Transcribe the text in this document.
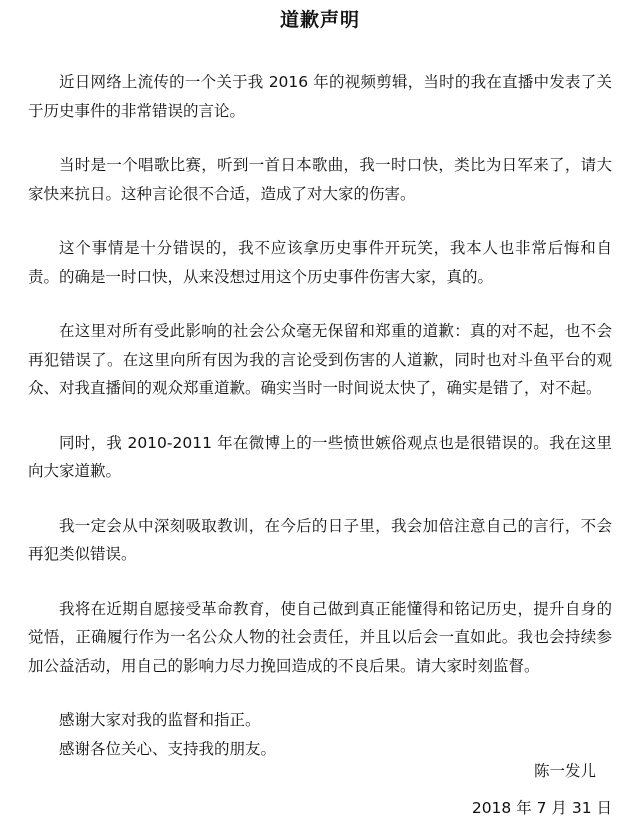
道歉声明

近日网络上流传的一个关于我 2016 年的视频剪辑，当时的我在直播中发表了关于历史事件的非常错误的言论。

当时是一个唱歌比赛，听到一首日本歌曲，我一时口快，类比为日军来了，请大家快来抗日。这种言论很不合适，造成了对大家的伤害。

这个事情是十分错误的，我不应该拿历史事件开玩笑，我本人也非常后悔和自责。的确是一时口快，从来没想过用这个历史事件伤害大家，真的。

在这里对所有受此影响的社会公众毫无保留和郑重的道歉：真的对不起，也不会再犯错误了。在这里向所有因为我的言论受到伤害的人道歉，同时也对斗鱼平台的观众、对我直播间的观众郑重道歉。确实当时一时间说太快了，确实是错了，对不起。

同时，我 2010-2011 年在微博上的一些愤世嫉俗观点也是很错误的。我在这里向大家道歉。

我一定会从中深刻吸取教训，在今后的日子里，我会加倍注意自己的言行，不会再犯类似错误。

我将在近期自愿接受革命教育，使自己做到真正能懂得和铭记历史，提升自身的觉悟，正确履行作为一名公众人物的社会责任，并且以后会一直如此。我也会持续参加公益活动，用自己的影响力尽力挽回造成的不良后果。请大家时刻监督。

感谢大家对我的监督和指正。

感谢各位关心、支持我的朋友。

陈一发儿
2018 年 7 月 31 日
